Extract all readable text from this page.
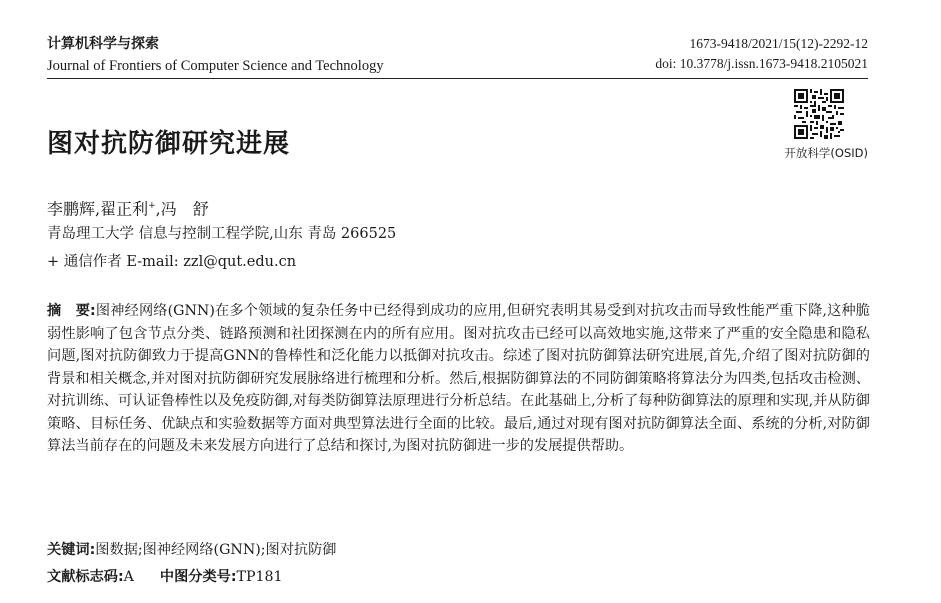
计算机科学与探索
Journal of Frontiers of Computer Science and Technology
1673-9418/2021/15(12)-2292-12
doi: 10.3778/j.issn.1673-9418.2105021
开放科学(OSID)
图对抗防御研究进展
李鹏辉,翟正利+,冯　舒
青岛理工大学 信息与控制工程学院,山东 青岛 266525
+ 通信作者 E-mail: zzl@qut.edu.cn
摘　要:图神经网络(GNN)在多个领域的复杂任务中已经得到成功的应用,但研究表明其易受到对抗攻击而导致性能严重下降,这种脆弱性影响了包含节点分类、链路预测和社团探测在内的所有应用。图对抗攻击已经可以高效地实施,这带来了严重的安全隐患和隐私问题,图对抗防御致力于提高GNN的鲁棒性和泛化能力以抵御对抗攻击。综述了图对抗防御算法研究进展,首先,介绍了图对抗防御的背景和相关概念,并对图对抗防御研究发展脉络进行梳理和分析。然后,根据防御算法的不同防御策略将算法分为四类,包括攻击检测、对抗训练、可认证鲁棒性以及免疫防御,对每类防御算法原理进行分析总结。在此基础上,分析了每种防御算法的原理和实现,并从防御策略、目标任务、优缺点和实验数据等方面对典型算法进行全面的比较。最后,通过对现有图对抗防御算法全面、系统的分析,对防御算法当前存在的问题及未来发展方向进行了总结和探讨,为图对抗防御进一步的发展提供帮助。
关键词:图数据;图神经网络(GNN);图对抗防御
文献标志码:A 中图分类号:TP181
